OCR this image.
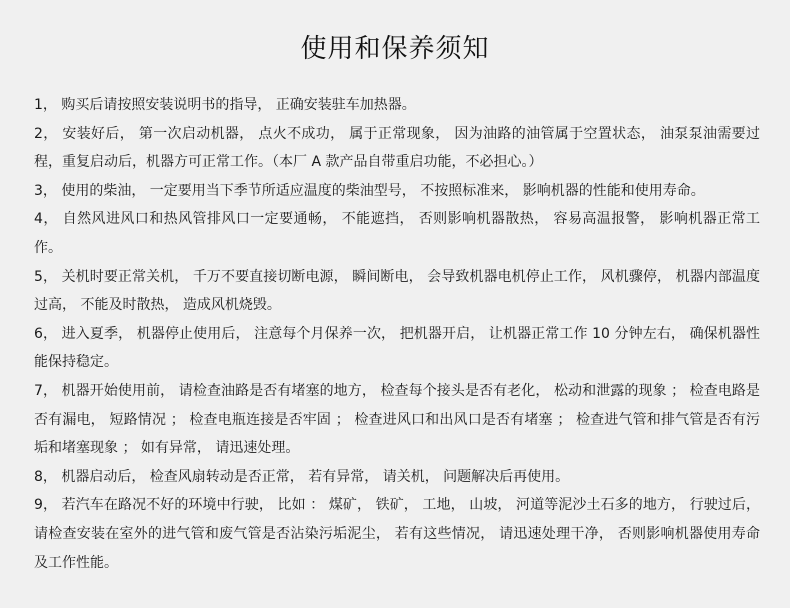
使用和保养须知
1， 购买后请按照安装说明书的指导， 正确安装驻车加热器。
2， 安装好后， 第一次启动机器， 点火不成功， 属于正常现象， 因为油路的油管属于空置状态， 油泵泵油需要过程，重复启动后，机器方可正常工作。（本厂 A 款产品自带重启功能，不必担心。）
3， 使用的柴油， 一定要用当下季节所适应温度的柴油型号， 不按照标准来， 影响机器的性能和使用寿命。
4， 自然风进风口和热风管排风口一定要通畅， 不能遮挡， 否则影响机器散热， 容易高温报警， 影响机器正常工作。
5， 关机时要正常关机， 千万不要直接切断电源， 瞬间断电， 会导致机器电机停止工作， 风机骤停， 机器内部温度过高， 不能及时散热， 造成风机烧毁。
6， 进入夏季， 机器停止使用后， 注意每个月保养一次， 把机器开启， 让机器正常工作 10 分钟左右， 确保机器性能保持稳定。
7， 机器开始使用前， 请检查油路是否有堵塞的地方， 检查每个接头是否有老化， 松动和泄露的现象 ； 检查电路是否有漏电， 短路情况 ； 检查电瓶连接是否牢固 ； 检查进风口和出风口是否有堵塞 ； 检查进气管和排气管是否有污垢和堵塞现象 ； 如有异常， 请迅速处理。
8， 机器启动后， 检查风扇转动是否正常， 若有异常， 请关机， 问题解决后再使用。
9， 若汽车在路况不好的环境中行驶， 比如 ： 煤矿， 铁矿， 工地， 山坡， 河道等泥沙土石多的地方， 行驶过后， 请检查安装在室外的进气管和废气管是否沾染污垢泥尘， 若有这些情况， 请迅速处理干净， 否则影响机器使用寿命及工作性能。
